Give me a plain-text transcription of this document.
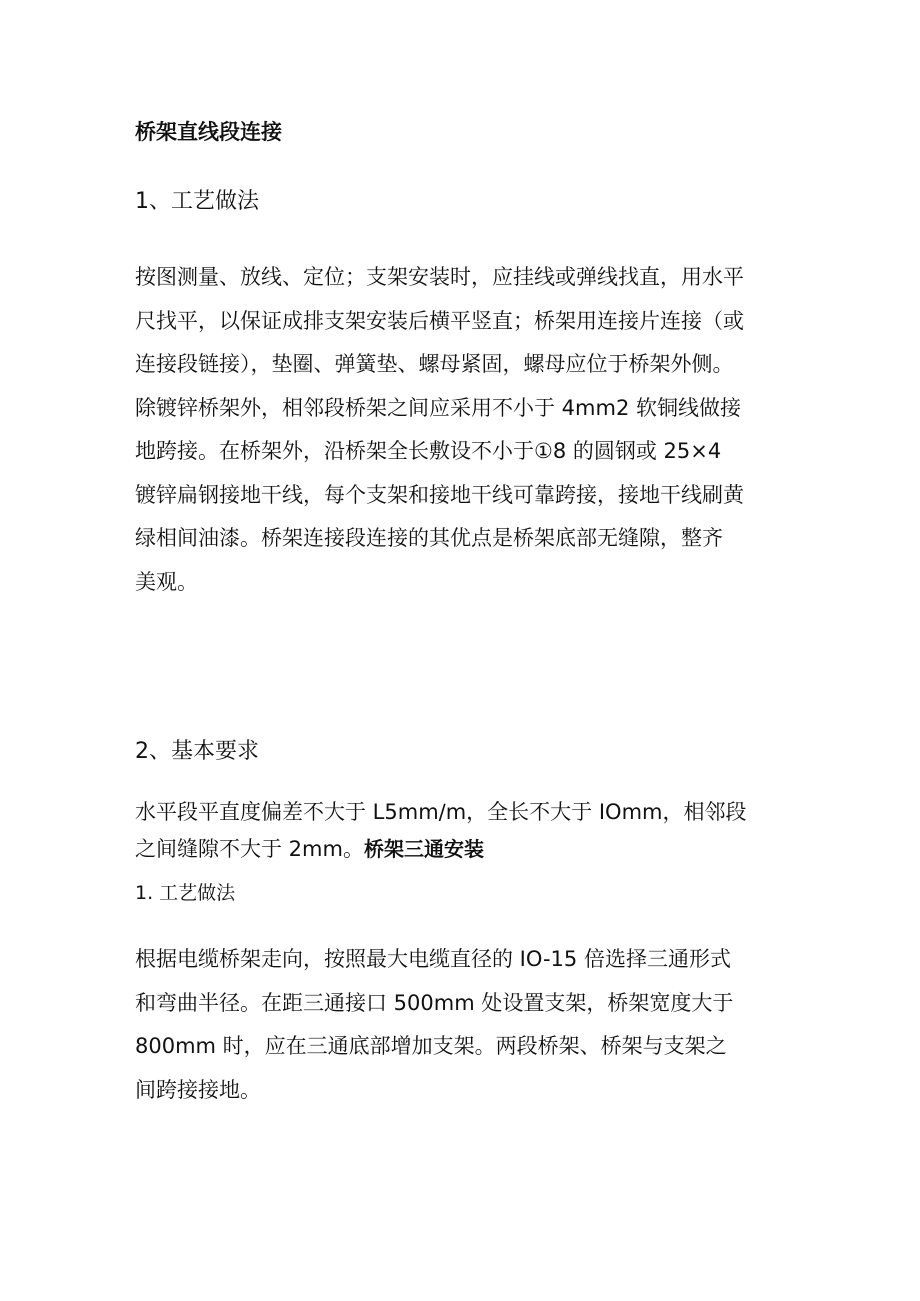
桥架直线段连接
1、工艺做法

按图测量、放线、定位；支架安装时，应挂线或弹线找直，用水平
尺找平，以保证成排支架安装后横平竖直；桥架用连接片连接（或
连接段链接），垫圈、弹簧垫、螺母紧固，螺母应位于桥架外侧。
除镀锌桥架外，相邻段桥架之间应采用不小于 4mm2 软铜线做接
地跨接。在桥架外，沿桥架全长敷设不小于①8 的圆钢或 25×4
镀锌扁钢接地干线，每个支架和接地干线可靠跨接，接地干线刷黄
绿相间油漆。桥架连接段连接的其优点是桥架底部无缝隙，整齐
美观。

2、基本要求

水平段平直度偏差不大于 L5mm∕m，全长不大于 IOmm，相邻段
之间缝隙不大于 2mm。桥架三通安装

1. 工艺做法

根据电缆桥架走向，按照最大电缆直径的 IO-15 倍选择三通形式
和弯曲半径。在距三通接口 500mm 处设置支架，桥架宽度大于
800mm 时，应在三通底部增加支架。两段桥架、桥架与支架之
间跨接接地。
